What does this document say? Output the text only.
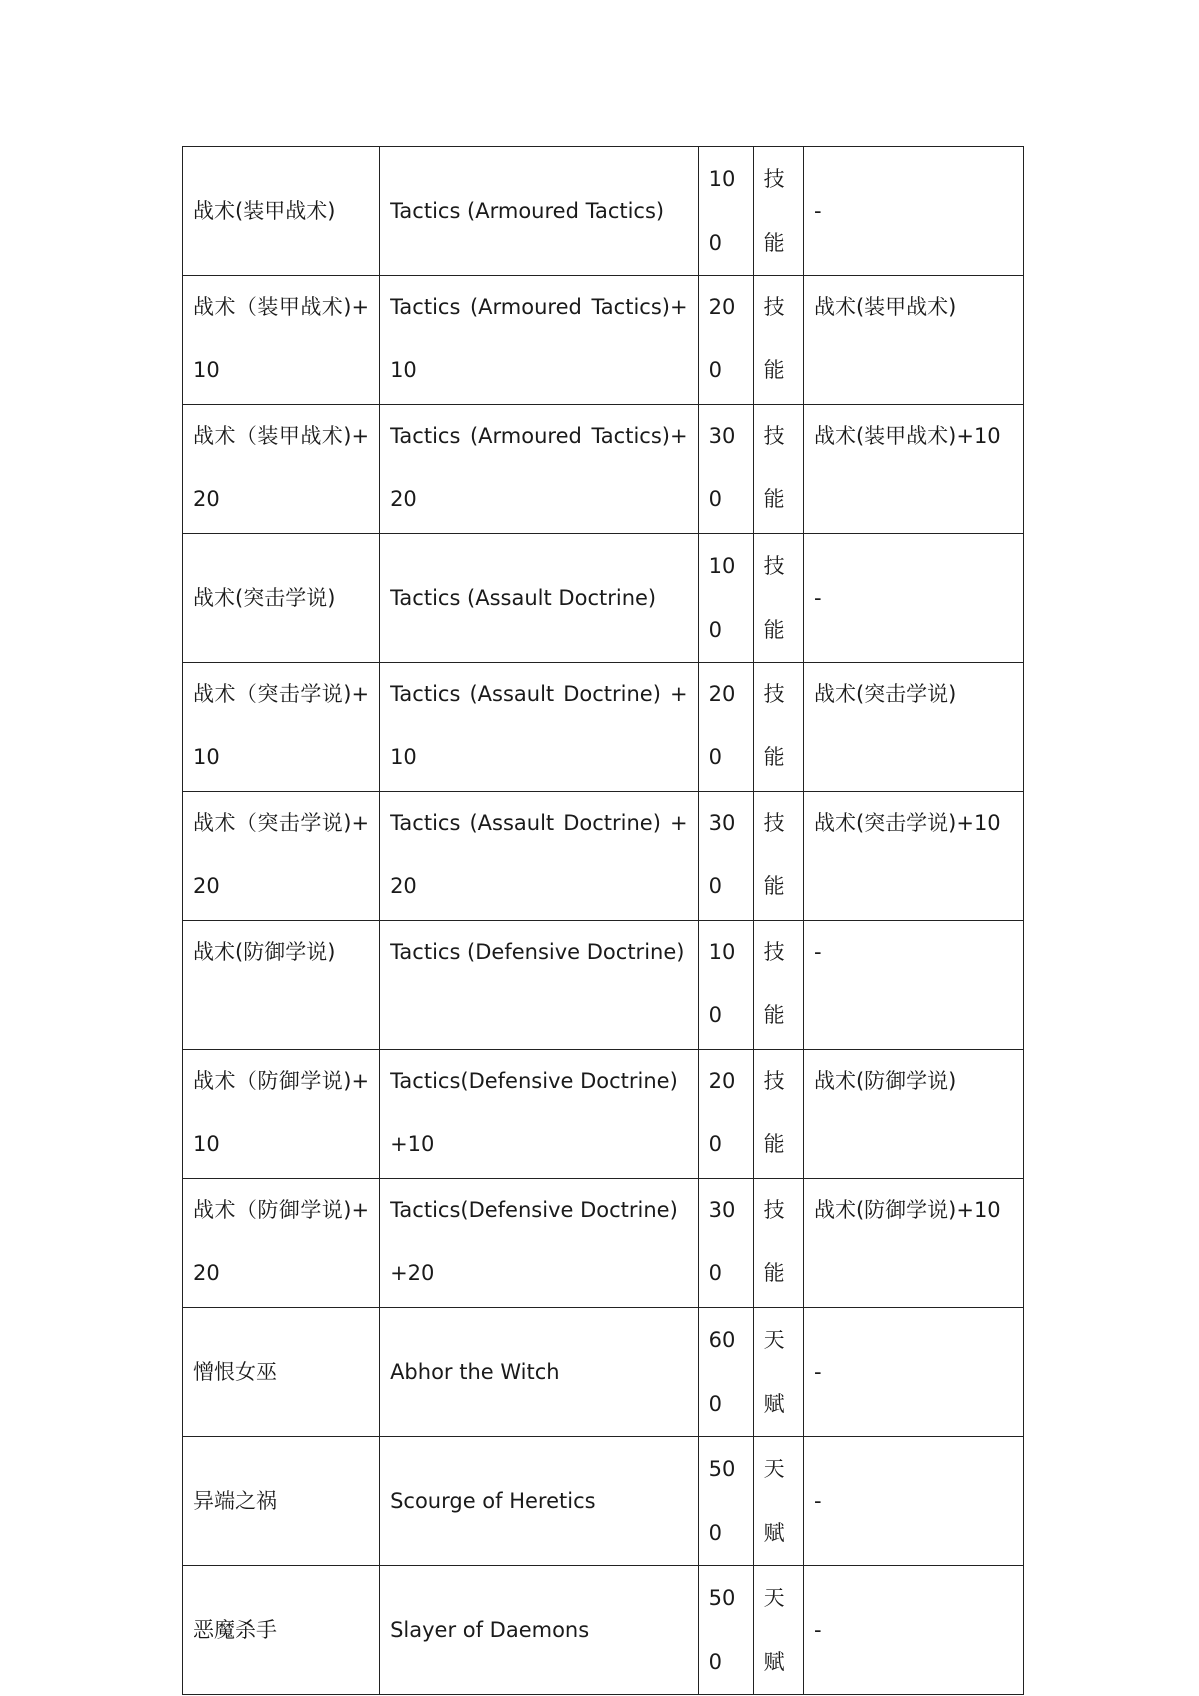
战术(装甲战术)	Tactics (Armoured Tactics)	100	技能	-

战术（装甲战术)+10	Tactics (Armoured Tactics)+10	200	技能	战术(装甲战术)

战术（装甲战术)+20	Tactics (Armoured Tactics)+20	300	技能	战术(装甲战术)+10

战术(突击学说)	Tactics (Assault Doctrine)	100	技能	-

战术（突击学说)+10	Tactics (Assault Doctrine) +10	200	技能	战术(突击学说)

战术（突击学说)+20	Tactics (Assault Doctrine) +20	300	技能	战术(突击学说)+10

战术(防御学说)	Tactics (Defensive Doctrine)	100	技能	-

战术（防御学说)+10	Tactics(Defensive Doctrine)+10	200	技能	战术(防御学说)

战术（防御学说)+20	Tactics(Defensive Doctrine)+20	300	技能	战术(防御学说)+10

憎恨女巫	Abhor the Witch	600	天赋	-

异端之祸	Scourge of Heretics	500	天赋	-

恶魔杀手	Slayer of Daemons	500	天赋	-
